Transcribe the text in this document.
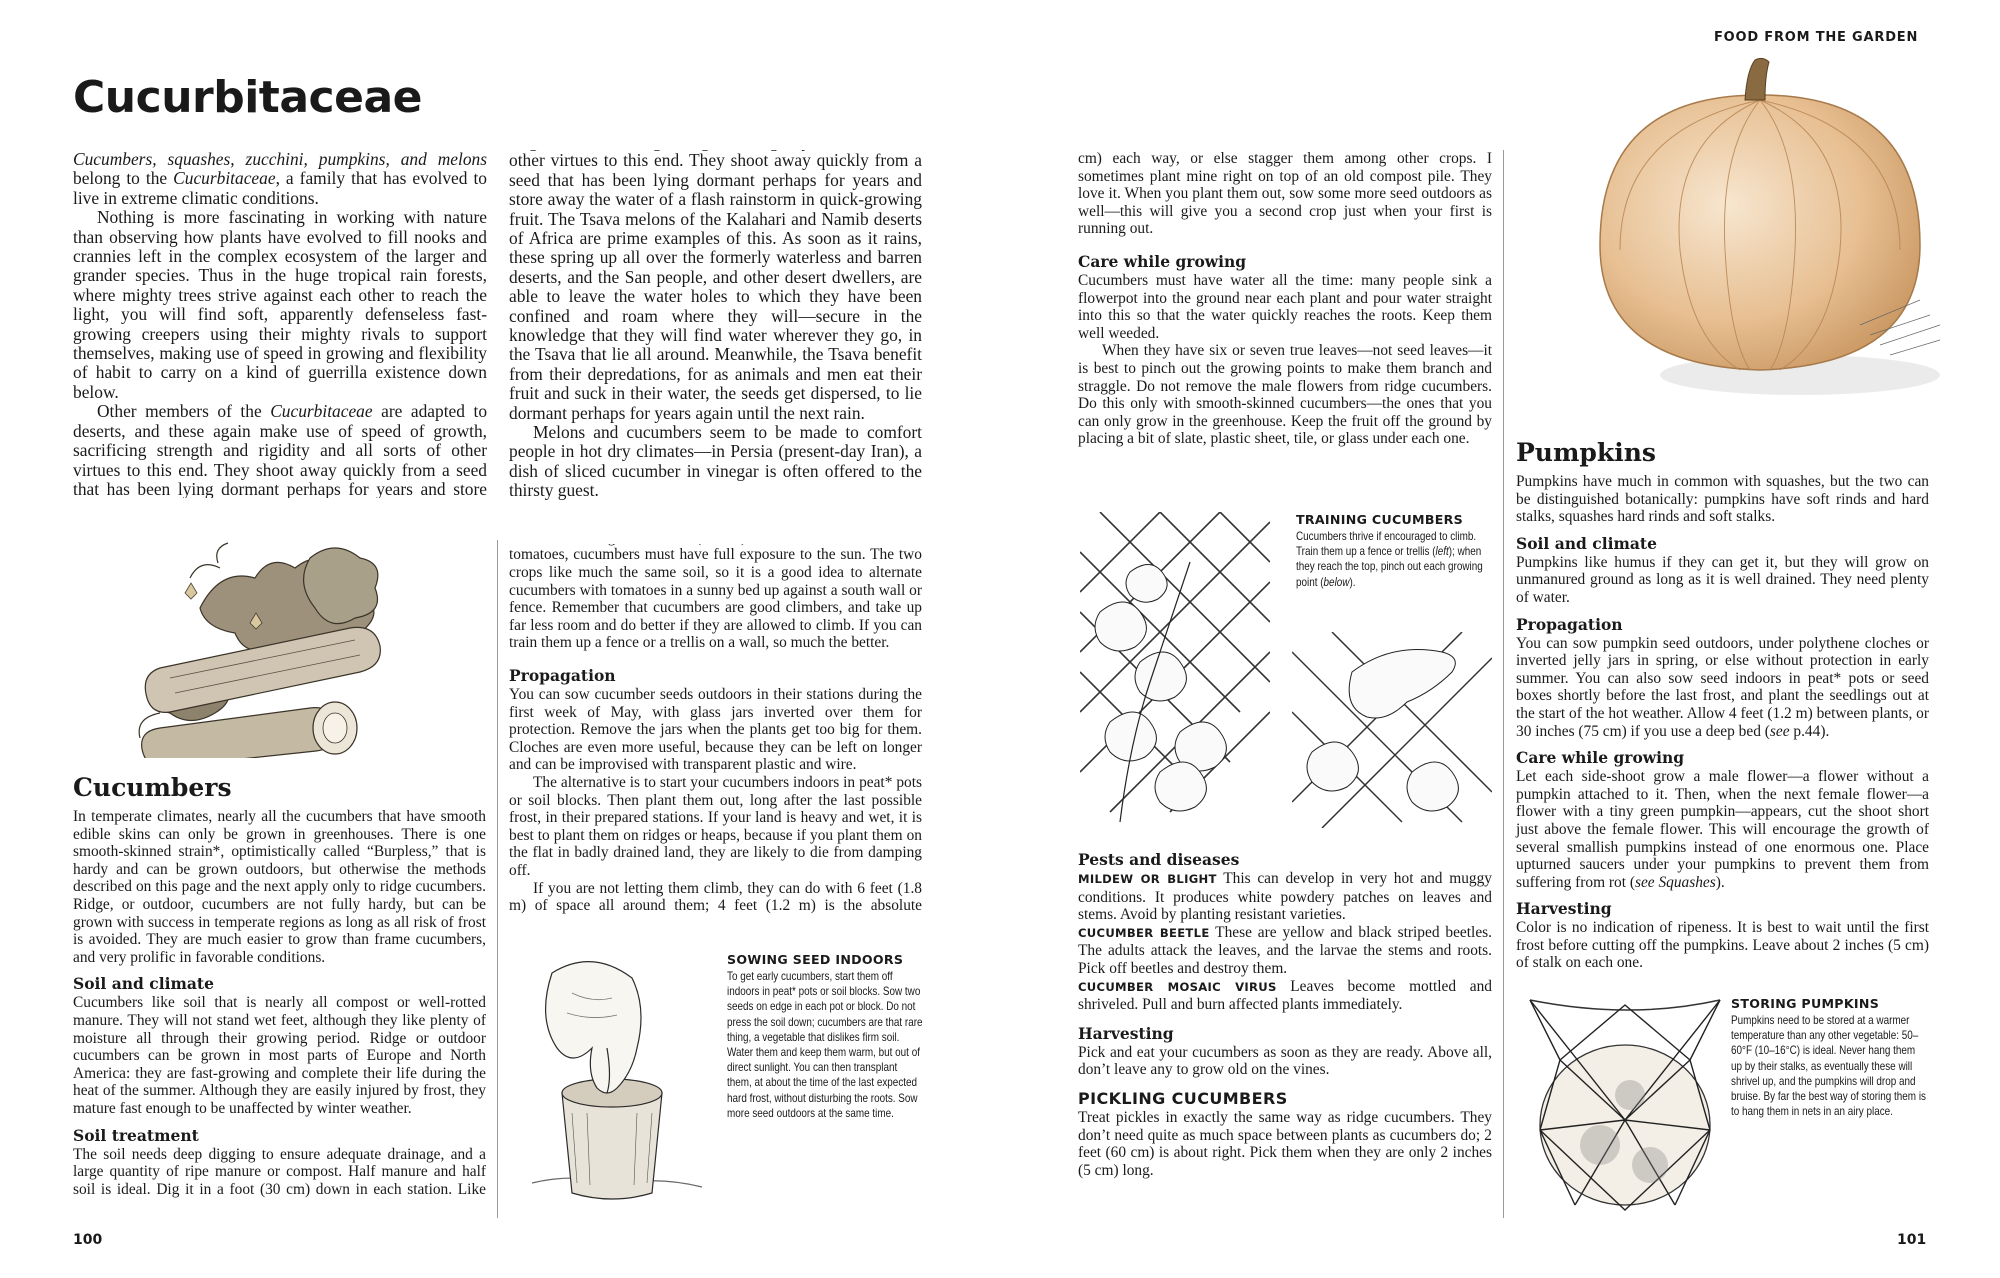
FOOD FROM THE GARDEN
100	101
Cucurbitaceae

Cucumbers, squashes, zucchini, pumpkins, and melons belong to the Cucurbitaceae, a family that has evolved to live in extreme climatic conditions.

Nothing is more fascinating in working with nature than observing how plants have evolved to fill nooks and crannies left in the complex ecosystem of the larger and grander species. Thus in the huge tropical rain forests, where mighty trees strive against each other to reach the light, you will find soft, apparently defenseless fast-growing creepers using their mighty rivals to support themselves, making use of speed in growing and flexibility of habit to carry on a kind of guerrilla existence down below.

Other members of the Cucurbitaceae are adapted to deserts, and these again make use of speed of growth, sacrificing strength and rigidity and all sorts of other virtues to this end. They shoot away quickly from a seed that has been lying dormant perhaps for years and store

other virtues to this end. They shoot away quickly from a seed that has been lying dormant perhaps for years and store away the water of a flash rainstorm in quick-growing fruit. The Tsava melons of the Kalahari and Namib deserts of Africa are prime examples of this. As soon as it rains, these spring up all over the formerly waterless and barren deserts, and the San people, and other desert dwellers, are able to leave the water holes to which they have been confined and roam where they will—secure in the knowledge that they will find water wherever they go, in the Tsava that lie all around. Meanwhile, the Tsava benefit from their depredations, for as animals and men eat their fruit and suck in their water, the seeds get dispersed, to lie dormant perhaps for years again until the next rain.

Melons and cucumbers seem to be made to comfort people in hot dry climates—in Persia (present-day Iran), a dish of sliced cucumber in vinegar is often offered to the thirsty guest.

Cucumbers

In temperate climates, nearly all the cucumbers that have smooth edible skins can only be grown in greenhouses. There is one smooth-skinned strain*, optimistically called “Burpless,” that is hardy and can be grown outdoors, but otherwise the methods described on this page and the next apply only to ridge cucumbers. Ridge, or outdoor, cucumbers are not fully hardy, but can be grown with success in temperate regions as long as all risk of frost is avoided. They are much easier to grow than frame cucumbers, and very prolific in favorable conditions.

Soil and climate

Cucumbers like soil that is nearly all compost or well-rotted manure. They will not stand wet feet, although they like plenty of moisture all through their growing period. Ridge or outdoor cucumbers can be grown in most parts of Europe and North America: they are fast-growing and complete their life during the heat of the summer. Although they are easily injured by frost, they mature fast enough to be unaffected by winter weather.

Soil treatment

The soil needs deep digging to ensure adequate drainage, and a large quantity of ripe manure or compost. Half manure and half soil is ideal. Dig it in a foot (30 cm) down in each station. Like

tomatoes, cucumbers must have full exposure to the sun. The two crops like much the same soil, so it is a good idea to alternate cucumbers with tomatoes in a sunny bed up against a south wall or fence. Remember that cucumbers are good climbers, and take up far less room and do better if they are allowed to climb. If you can train them up a fence or a trellis on a wall, so much the better.

Propagation

You can sow cucumber seeds outdoors in their stations during the first week of May, with glass jars inverted over them for protection. Remove the jars when the plants get too big for them. Cloches are even more useful, because they can be left on longer and can be improvised with transparent plastic and wire.

The alternative is to start your cucumbers indoors in peat* pots or soil blocks. Then plant them out, long after the last possible frost, in their prepared stations. If your land is heavy and wet, it is best to plant them on ridges or heaps, because if you plant them on the flat in badly drained land, they are likely to die from damping off.

If you are not letting them climb, they can do with 6 feet (1.8 m) of space all around them; 4 feet (1.2 m) is the absolute

SOWING SEED INDOORS

To get early cucumbers, start them off indoors in peat* pots or soil blocks. Sow two seeds on edge in each pot or block. Do not press the soil down; cucumbers are that rare thing, a vegetable that dislikes firm soil. Water them and keep them warm, but out of direct sunlight. You can then transplant them, at about the time of the last expected hard frost, without disturbing the roots. Sow more seed outdoors at the same time.

cm) each way, or else stagger them among other crops. I sometimes plant mine right on top of an old compost pile. They love it. When you plant them out, sow some more seed outdoors as well—this will give you a second crop just when your first is running out.

Care while growing

Cucumbers must have water all the time: many people sink a flowerpot into the ground near each plant and pour water straight into this so that the water quickly reaches the roots. Keep them well weeded.

When they have six or seven true leaves—not seed leaves—it is best to pinch out the growing points to make them branch and straggle. Do not remove the male flowers from ridge cucumbers. Do this only with smooth-skinned cucumbers—the ones that you can only grow in the greenhouse. Keep the fruit off the ground by placing a bit of slate, plastic sheet, tile, or glass under each one.

TRAINING CUCUMBERS

Cucumbers thrive if encouraged to climb. Train them up a fence or trellis (left); when they reach the top, pinch out each growing point (below).

Pests and diseases

MILDEW OR BLIGHT This can develop in very hot and muggy conditions. It produces white powdery patches on leaves and stems. Avoid by planting resistant varieties.

CUCUMBER BEETLE These are yellow and black striped beetles. The adults attack the leaves, and the larvae the stems and roots. Pick off beetles and destroy them.

CUCUMBER MOSAIC VIRUS Leaves become mottled and shriveled. Pull and burn affected plants immediately.

Harvesting

Pick and eat your cucumbers as soon as they are ready. Above all, don’t leave any to grow old on the vines.

PICKLING CUCUMBERS

Treat pickles in exactly the same way as ridge cucumbers. They don’t need quite as much space between plants as cucumbers do; 2 feet (60 cm) is about right. Pick them when they are only 2 inches (5 cm) long.

Pumpkins

Pumpkins have much in common with squashes, but the two can be distinguished botanically: pumpkins have soft rinds and hard stalks, squashes hard rinds and soft stalks.

Soil and climate

Pumpkins like humus if they can get it, but they will grow on unmanured ground as long as it is well drained. They need plenty of water.

Propagation

You can sow pumpkin seed outdoors, under polythene cloches or inverted jelly jars in spring, or else without protection in early summer. You can also sow seed indoors in peat* pots or seed boxes shortly before the last frost, and plant the seedlings out at the start of the hot weather. Allow 4 feet (1.2 m) between plants, or 30 inches (75 cm) if you use a deep bed (see p.44).

Care while growing

Let each side-shoot grow a male flower—a flower without a pumpkin attached to it. Then, when the next female flower—a flower with a tiny green pumpkin—appears, cut the shoot short just above the female flower. This will encourage the growth of several smallish pumpkins instead of one enormous one. Place upturned saucers under your pumpkins to prevent them from suffering from rot (see Squashes).

Harvesting

Color is no indication of ripeness. It is best to wait until the first frost before cutting off the pumpkins. Leave about 2 inches (5 cm) of stalk on each one.

STORING PUMPKINS

Pumpkins need to be stored at a warmer temperature than any other vegetable: 50–60°F (10–16°C) is ideal. Never hang them up by their stalks, as eventually these will shrivel up, and the pumpkins will drop and bruise. By far the best way of storing them is to hang them in nets in an airy place.
